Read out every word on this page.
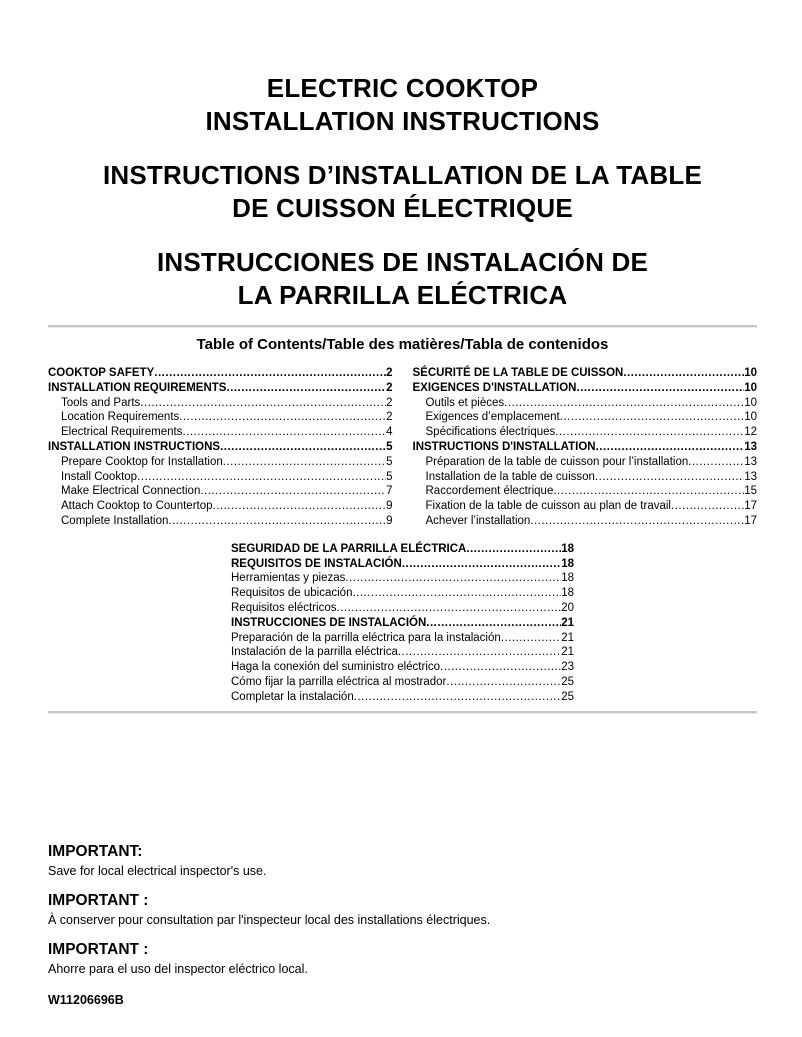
ELECTRIC COOKTOP
INSTALLATION INSTRUCTIONS
INSTRUCTIONS D’INSTALLATION DE LA TABLE
DE CUISSON ÉLECTRIQUE
INSTRUCCIONES DE INSTALACIÓN DE
LA PARRILLA ELÉCTRICA
Table of Contents/Table des matières/Tabla de contenidos
COOKTOP SAFETY .....	2
INSTALLATION REQUIREMENTS .....	2
Tools and Parts .....	2
Location Requirements .....	2
Electrical Requirements .....	4
INSTALLATION INSTRUCTIONS .....	5
Prepare Cooktop for Installation .....	5
Install Cooktop .....	5
Make Electrical Connection .....	7
Attach Cooktop to Countertop .....	9
Complete Installation .....	9
SÉCURITÉ DE LA TABLE DE CUISSON .....	10
EXIGENCES D'INSTALLATION .....	10
Outils et pièces .....	10
Exigences d’emplacement .....	10
Spécifications électriques .....	12
INSTRUCTIONS D'INSTALLATION .....	13
Préparation de la table de cuisson pour l’installation .....	13
Installation de la table de cuisson .....	13
Raccordement électrique .....	15
Fixation de la table de cuisson au plan de travail .....	17
Achever l’installation .....	17
SEGURIDAD DE LA PARRILLA ELÉCTRICA .....	18
REQUISITOS DE INSTALACIÓN .....	18
Herramientas y piezas .....	18
Requisitos de ubicación .....	18
Requisitos eléctricos .....	20
INSTRUCCIONES DE INSTALACIÓN .....	21
Preparación de la parrilla eléctrica para la instalación .....	21
Instalación de la parrilla eléctrica .....	21
Haga la conexión del suministro eléctrico .....	23
Cómo fijar la parrilla eléctrica al mostrador .....	25
Completar la instalación .....	25
IMPORTANT:
Save for local electrical inspector's use.
IMPORTANT :
À conserver pour consultation par l'inspecteur local des installations électriques.
IMPORTANT :
Ahorre para el uso del inspector eléctrico local.
W11206696B
